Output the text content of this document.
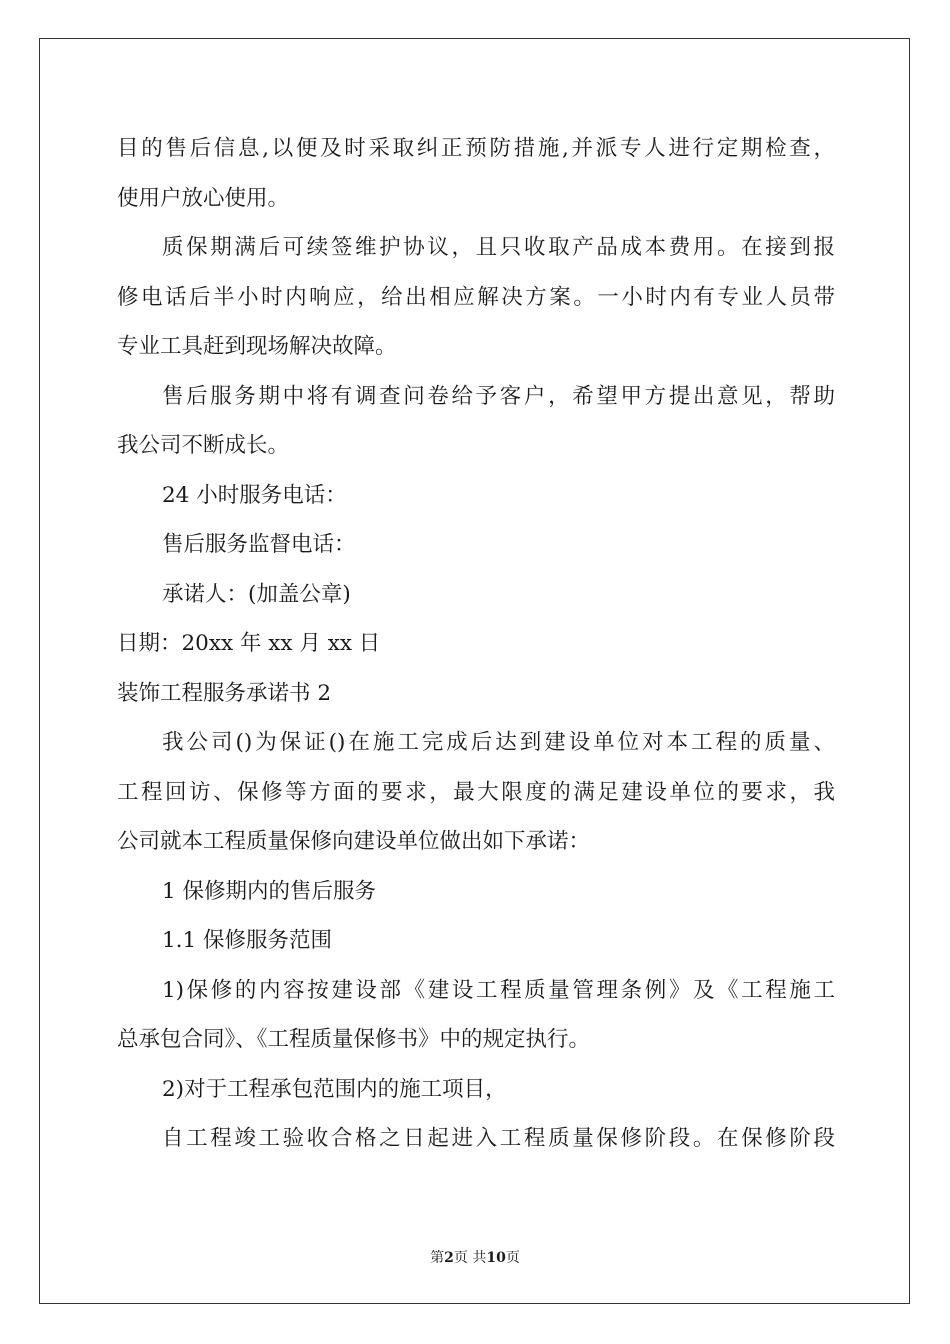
目的售后信息,以便及时采取纠正预防措施,并派专人进行定期检查，
使用户放心使用。
质保期满后可续签维护协议，且只收取产品成本费用。在接到报
修电话后半小时内响应，给出相应解决方案。一小时内有专业人员带
专业工具赶到现场解决故障。
售后服务期中将有调查问卷给予客户，希望甲方提出意见，帮助
我公司不断成长。
24 小时服务电话：
售后服务监督电话：
承诺人：(加盖公章)
日期：20xx 年 xx 月 xx 日
装饰工程服务承诺书 2
我公司()为保证()在施工完成后达到建设单位对本工程的质量、
工程回访、保修等方面的要求，最大限度的满足建设单位的要求，我
公司就本工程质量保修向建设单位做出如下承诺：
1 保修期内的售后服务
1.1 保修服务范围
1)保修的内容按建设部《建设工程质量管理条例》及《工程施工
总承包合同》、《工程质量保修书》中的规定执行。
2)对于工程承包范围内的施工项目，
自工程竣工验收合格之日起进入工程质量保修阶段。在保修阶段
第2页 共10页
